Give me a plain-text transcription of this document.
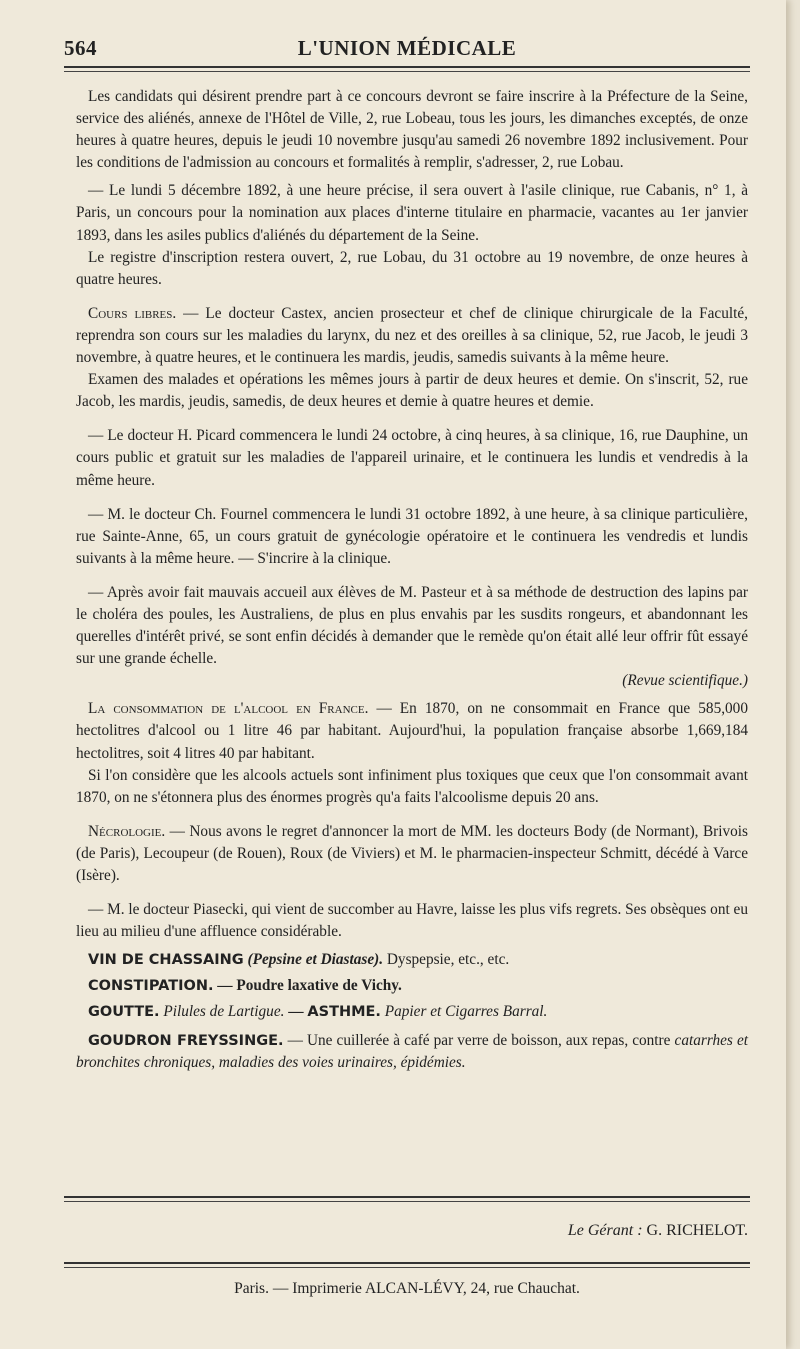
564	L'UNION MÉDICALE

Les candidats qui désirent prendre part à ce concours devront se faire inscrire à la Préfecture de la Seine, service des aliénés, annexe de l'Hôtel de Ville, 2, rue Lobeau, tous les jours, les dimanches exceptés, de onze heures à quatre heures, depuis le jeudi 10 novembre jusqu'au samedi 26 novembre 1892 inclusivement. Pour les conditions de l'admission au concours et formalités à remplir, s'adresser, 2, rue Lobau.

— Le lundi 5 décembre 1892, à une heure précise, il sera ouvert à l'asile clinique, rue Cabanis, n° 1, à Paris, un concours pour la nomination aux places d'interne titulaire en pharmacie, vacantes au 1er janvier 1893, dans les asiles publics d'aliénés du département de la Seine.

Le registre d'inscription restera ouvert, 2, rue Lobau, du 31 octobre au 19 novembre, de onze heures à quatre heures.

Cours libres. — Le docteur Castex, ancien prosecteur et chef de clinique chirurgicale de la Faculté, reprendra son cours sur les maladies du larynx, du nez et des oreilles à sa clinique, 52, rue Jacob, le jeudi 3 novembre, à quatre heures, et le continuera les mardis, jeudis, samedis suivants à la même heure.

Examen des malades et opérations les mêmes jours à partir de deux heures et demie. On s'inscrit, 52, rue Jacob, les mardis, jeudis, samedis, de deux heures et demie à quatre heures et demie.

— Le docteur H. Picard commencera le lundi 24 octobre, à cinq heures, à sa clinique, 16, rue Dauphine, un cours public et gratuit sur les maladies de l'appareil urinaire, et le continuera les lundis et vendredis à la même heure.

— M. le docteur Ch. Fournel commencera le lundi 31 octobre 1892, à une heure, à sa clinique particulière, rue Sainte-Anne, 65, un cours gratuit de gynécologie opératoire et le continuera les vendredis et lundis suivants à la même heure. — S'incrire à la clinique.

— Après avoir fait mauvais accueil aux élèves de M. Pasteur et à sa méthode de destruction des lapins par le choléra des poules, les Australiens, de plus en plus envahis par les susdits rongeurs, et abandonnant les querelles d'intérêt privé, se sont enfin décidés à demander que le remède qu'on était allé leur offrir fût essayé sur une grande échelle.

(Revue scientifique.)

La consommation de l'alcool en France. — En 1870, on ne consommait en France que 585,000 hectolitres d'alcool ou 1 litre 46 par habitant. Aujourd'hui, la population française absorbe 1,669,184 hectolitres, soit 4 litres 40 par habitant.

Si l'on considère que les alcools actuels sont infiniment plus toxiques que ceux que l'on consommait avant 1870, on ne s'étonnera plus des énormes progrès qu'a faits l'alcoolisme depuis 20 ans.

Nécrologie. — Nous avons le regret d'annoncer la mort de MM. les docteurs Body (de Normant), Brivois (de Paris), Lecoupeur (de Rouen), Roux (de Viviers) et M. le pharmacien-inspecteur Schmitt, décédé à Varce (Isère).

— M. le docteur Piasecki, qui vient de succomber au Havre, laisse les plus vifs regrets. Ses obsèques ont eu lieu au milieu d'une affluence considérable.

VIN DE CHASSAING (Pepsine et Diastase). Dyspepsie, etc., etc.

CONSTIPATION. — Poudre laxative de Vichy.

GOUTTE. Pilules de Lartigue. — ASTHME. Papier et Cigarres Barral.

GOUDRON FREYSSINGE. — Une cuillerée à café par verre de boisson, aux repas, contre catarrhes et bronchites chroniques, maladies des voies urinaires, épidémies.

Le Gérant : G. RICHELOT.
Paris. — Imprimerie ALCAN-LÉVY, 24, rue Chauchat.
